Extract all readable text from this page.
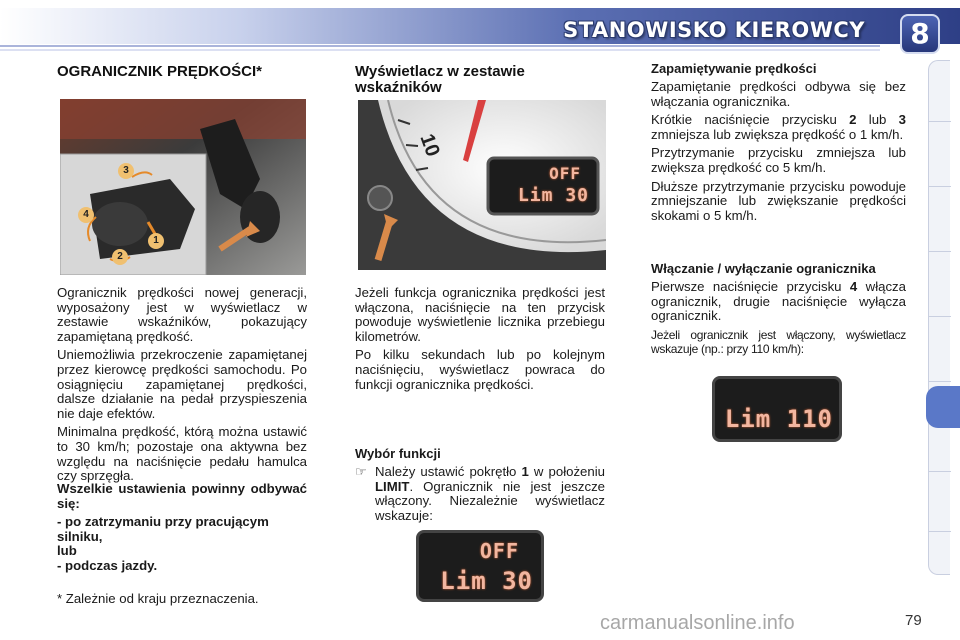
STANOWISKO KIEROWCY	8
OGRANICZNIK PRĘDKOŚCI*
3
4
1
2

Ogranicznik prędkości nowej generacji, wyposażony jest w wyświetlacz w zestawie wskaźników, pokazujący zapamiętaną prędkość.

Uniemożliwia przekroczenie zapamiętanej przez kierowcę prędkości samochodu. Po osiągnięciu zapamiętanej prędkości, dalsze działanie na pedał przyspieszenia nie daje efektów.

Minimalna prędkość, którą można ustawić to 30 km/h; pozostaje ona aktywna bez względu na naciśnięcie pedału hamulca czy sprzęgła.

Wszelkie ustawienia powinny odbywać się:

- po zatrzymaniu przy pracującym silniku,
lub
- podczas jazdy.
* Zależnie od kraju przeznaczenia.
Wyświetlacz w zestawie wskaźników
10
OFF
Lim 30

Jeżeli funkcja ogranicznika prędkości jest włączona, naciśnięcie na ten przycisk powoduje wyświetlenie licznika przebiegu kilometrów.

Po kilku sekundach lub po kolejnym naciśnięciu, wyświetlacz powraca do funkcji ogranicznika prędkości.

Wybór funkcji

☞ Należy ustawić pokrętło 1 w położeniu LIMIT. Ogranicznik nie jest jeszcze włączony. Niezależnie wyświetlacz wskazuje:
OFF
Lim 30

Zapamiętywanie prędkości

Zapamiętanie prędkości odbywa się bez włączania ogranicznika.

Krótkie naciśnięcie przycisku 2 lub 3 zmniejsza lub zwiększa prędkość o 1 km/h.

Przytrzymanie przycisku zmniejsza lub zwiększa prędkość co 5 km/h.

Dłuższe przytrzymanie przycisku powoduje zmniejszanie lub zwiększanie prędkości skokami o 5 km/h.

Włączanie / wyłączanie ogranicznika

Pierwsze naciśnięcie przycisku 4 włącza ogranicznik, drugie naciśnięcie wyłącza ogranicznik.

Jeżeli ogranicznik jest włączony, wyświetlacz wskazuje (np.: przy 110 km/h):

Lim 110
carmanualsonline.info	79
